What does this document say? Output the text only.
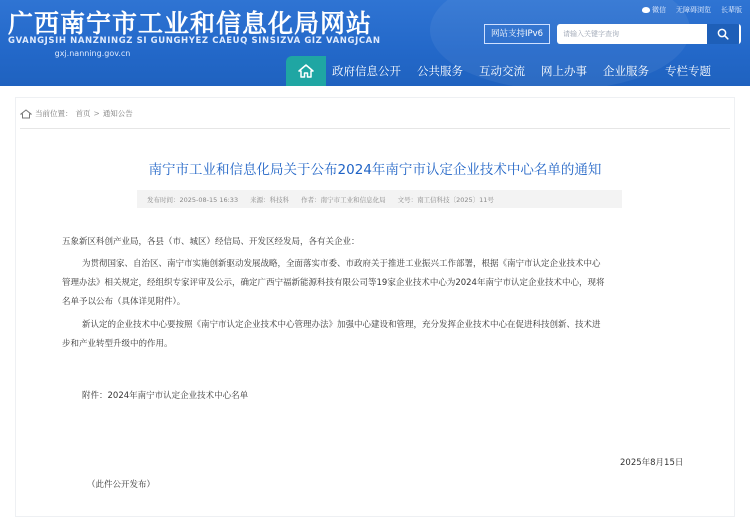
广西南宁市工业和信息化局网站
GVANGJSIH NANZNINGZ SI GUNGHYEZ CAEUQ SINSIZVA GIZ VANGJCAN
gxj.nanning.gov.cn
微信 无障碍浏览 长辈版
网站支持IPv6
请输入关键字查询
政府信息公开	公共服务	互动交流	网上办事	企业服务	专栏专题
当前位置： 首页 > 通知公告
南宁市工业和信息化局关于公布2024年南宁市认定企业技术中心名单的通知
发布时间：2025-08-15 16:33 来源：科技科 作者：南宁市工业和信息化局 文号：南工信科技〔2025〕11号
五象新区科创产业局，各县（市、城区）经信局、开发区经发局，各有关企业：
为贯彻国家、自治区、南宁市实施创新驱动发展战略，全面落实市委、市政府关于推进工业振兴工作部署，根据《南宁市认定企业技术中心
管理办法》相关规定，经组织专家评审及公示，确定广西宁福新能源科技有限公司等19家企业技术中心为2024年南宁市认定企业技术中心，现将
名单予以公布（具体详见附件）。
新认定的企业技术中心要按照《南宁市认定企业技术中心管理办法》加强中心建设和管理，充分发挥企业技术中心在促进科技创新、技术进
步和产业转型升级中的作用。
附件：2024年南宁市认定企业技术中心名单
2025年8月15日
（此件公开发布）
